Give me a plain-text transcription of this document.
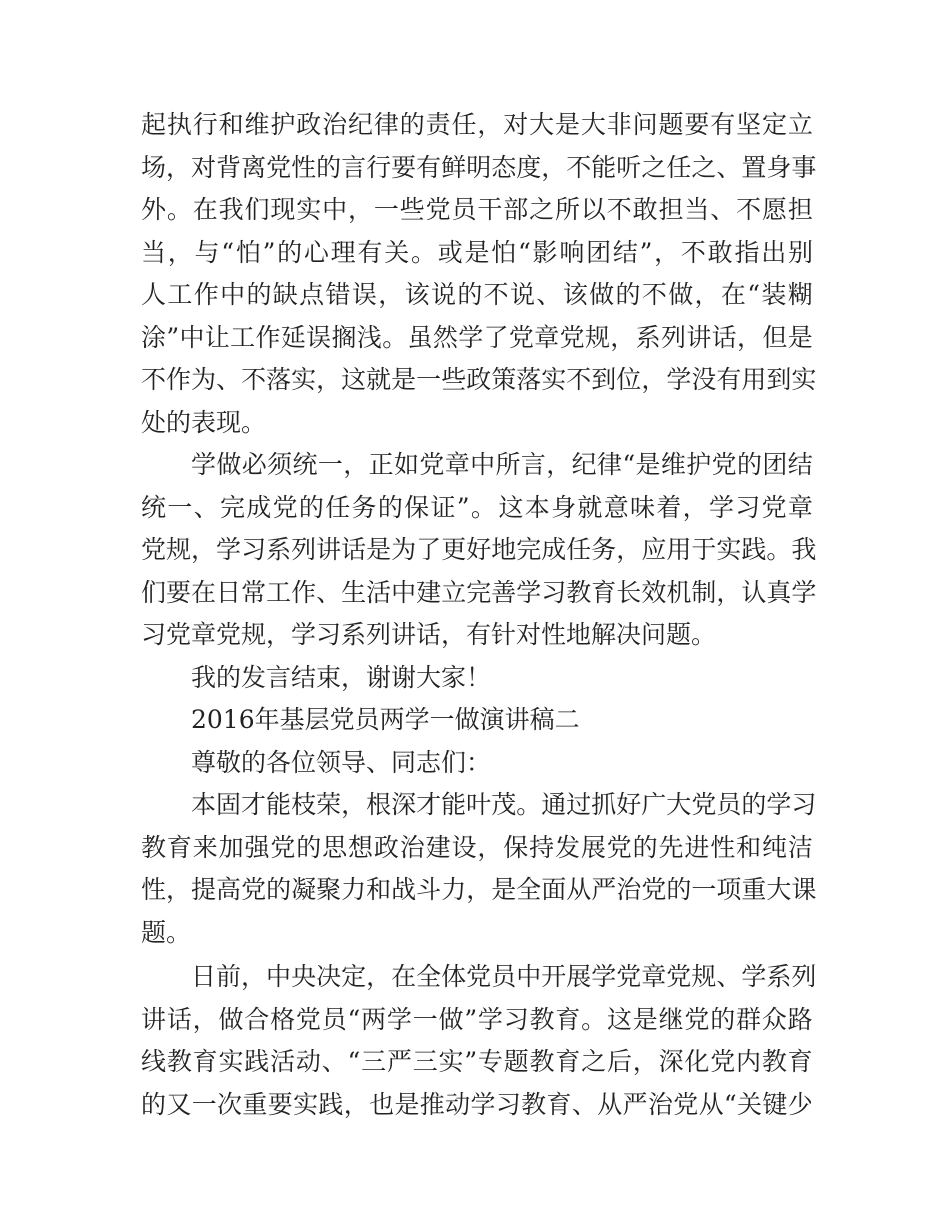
起 执 行 和 维 护 政 治 纪 律 的 责 任 ， 对 大 是 大 非 问 题 要 有 坚 定 立
场 ， 对 背 离 党 性 的 言 行 要 有 鲜 明 态 度 ， 不 能 听 之 任 之 、 置 身 事
外 。 在 我 们 现 实 中 ， 一 些 党 员 干 部 之 所 以 不 敢 担 当 、 不 愿 担
当 ， 与 “ 怕 ” 的 心 理 有 关 。 或 是 怕 “ 影 响 团 结 ” ， 不 敢 指 出 别
人 工 作 中 的 缺 点 错 误 ， 该 说 的 不 说 、 该 做 的 不 做 ， 在 “ 装 糊
涂 ” 中 让 工 作 延 误 搁 浅 。 虽 然 学 了 党 章 党 规 ， 系 列 讲 话 ， 但 是
不 作 为 、 不 落 实 ， 这 就 是 一 些 政 策 落 实 不 到 位 ， 学 没 有 用 到 实
处的表现。
学 做 必 须 统 一 ， 正 如 党 章 中 所 言 ， 纪 律 “ 是 维 护 党 的 团 结
统 一 、 完 成 党 的 任 务 的 保 证 ” 。 这 本 身 就 意 味 着 ， 学 习 党 章
党 规 ， 学 习 系 列 讲 话 是 为 了 更 好 地 完 成 任 务 ， 应 用 于 实 践 。 我
们 要 在 日 常 工 作 、 生 活 中 建 立 完 善 学 习 教 育 长 效 机 制 ， 认 真 学
习党章党规，学习系列讲话，有针对性地解决问题。
我的发言结束，谢谢大家！
2016年基层党员两学一做演讲稿二
尊敬的各位领导、同志们：
本 固 才 能 枝 荣 ， 根 深 才 能 叶 茂 。 通 过 抓 好 广 大 党 员 的 学 习
教 育 来 加 强 党 的 思 想 政 治 建 设 ， 保 持 发 展 党 的 先 进 性 和 纯 洁
性 ， 提 高 党 的 凝 聚 力 和 战 斗 力 ， 是 全 面 从 严 治 党 的 一 项 重 大 课
题。
日 前 ， 中 央 决 定 ， 在 全 体 党 员 中 开 展 学 党 章 党 规 、 学 系 列
讲 话 ， 做 合 格 党 员 “ 两 学 一 做 ” 学 习 教 育 。 这 是 继 党 的 群 众 路
线 教 育 实 践 活 动 、 “ 三 严 三 实 ” 专 题 教 育 之 后 ， 深 化 党 内 教 育
的 又 一 次 重 要 实 践 ， 也 是 推 动 学 习 教 育 、 从 严 治 党 从 “ 关 键 少
